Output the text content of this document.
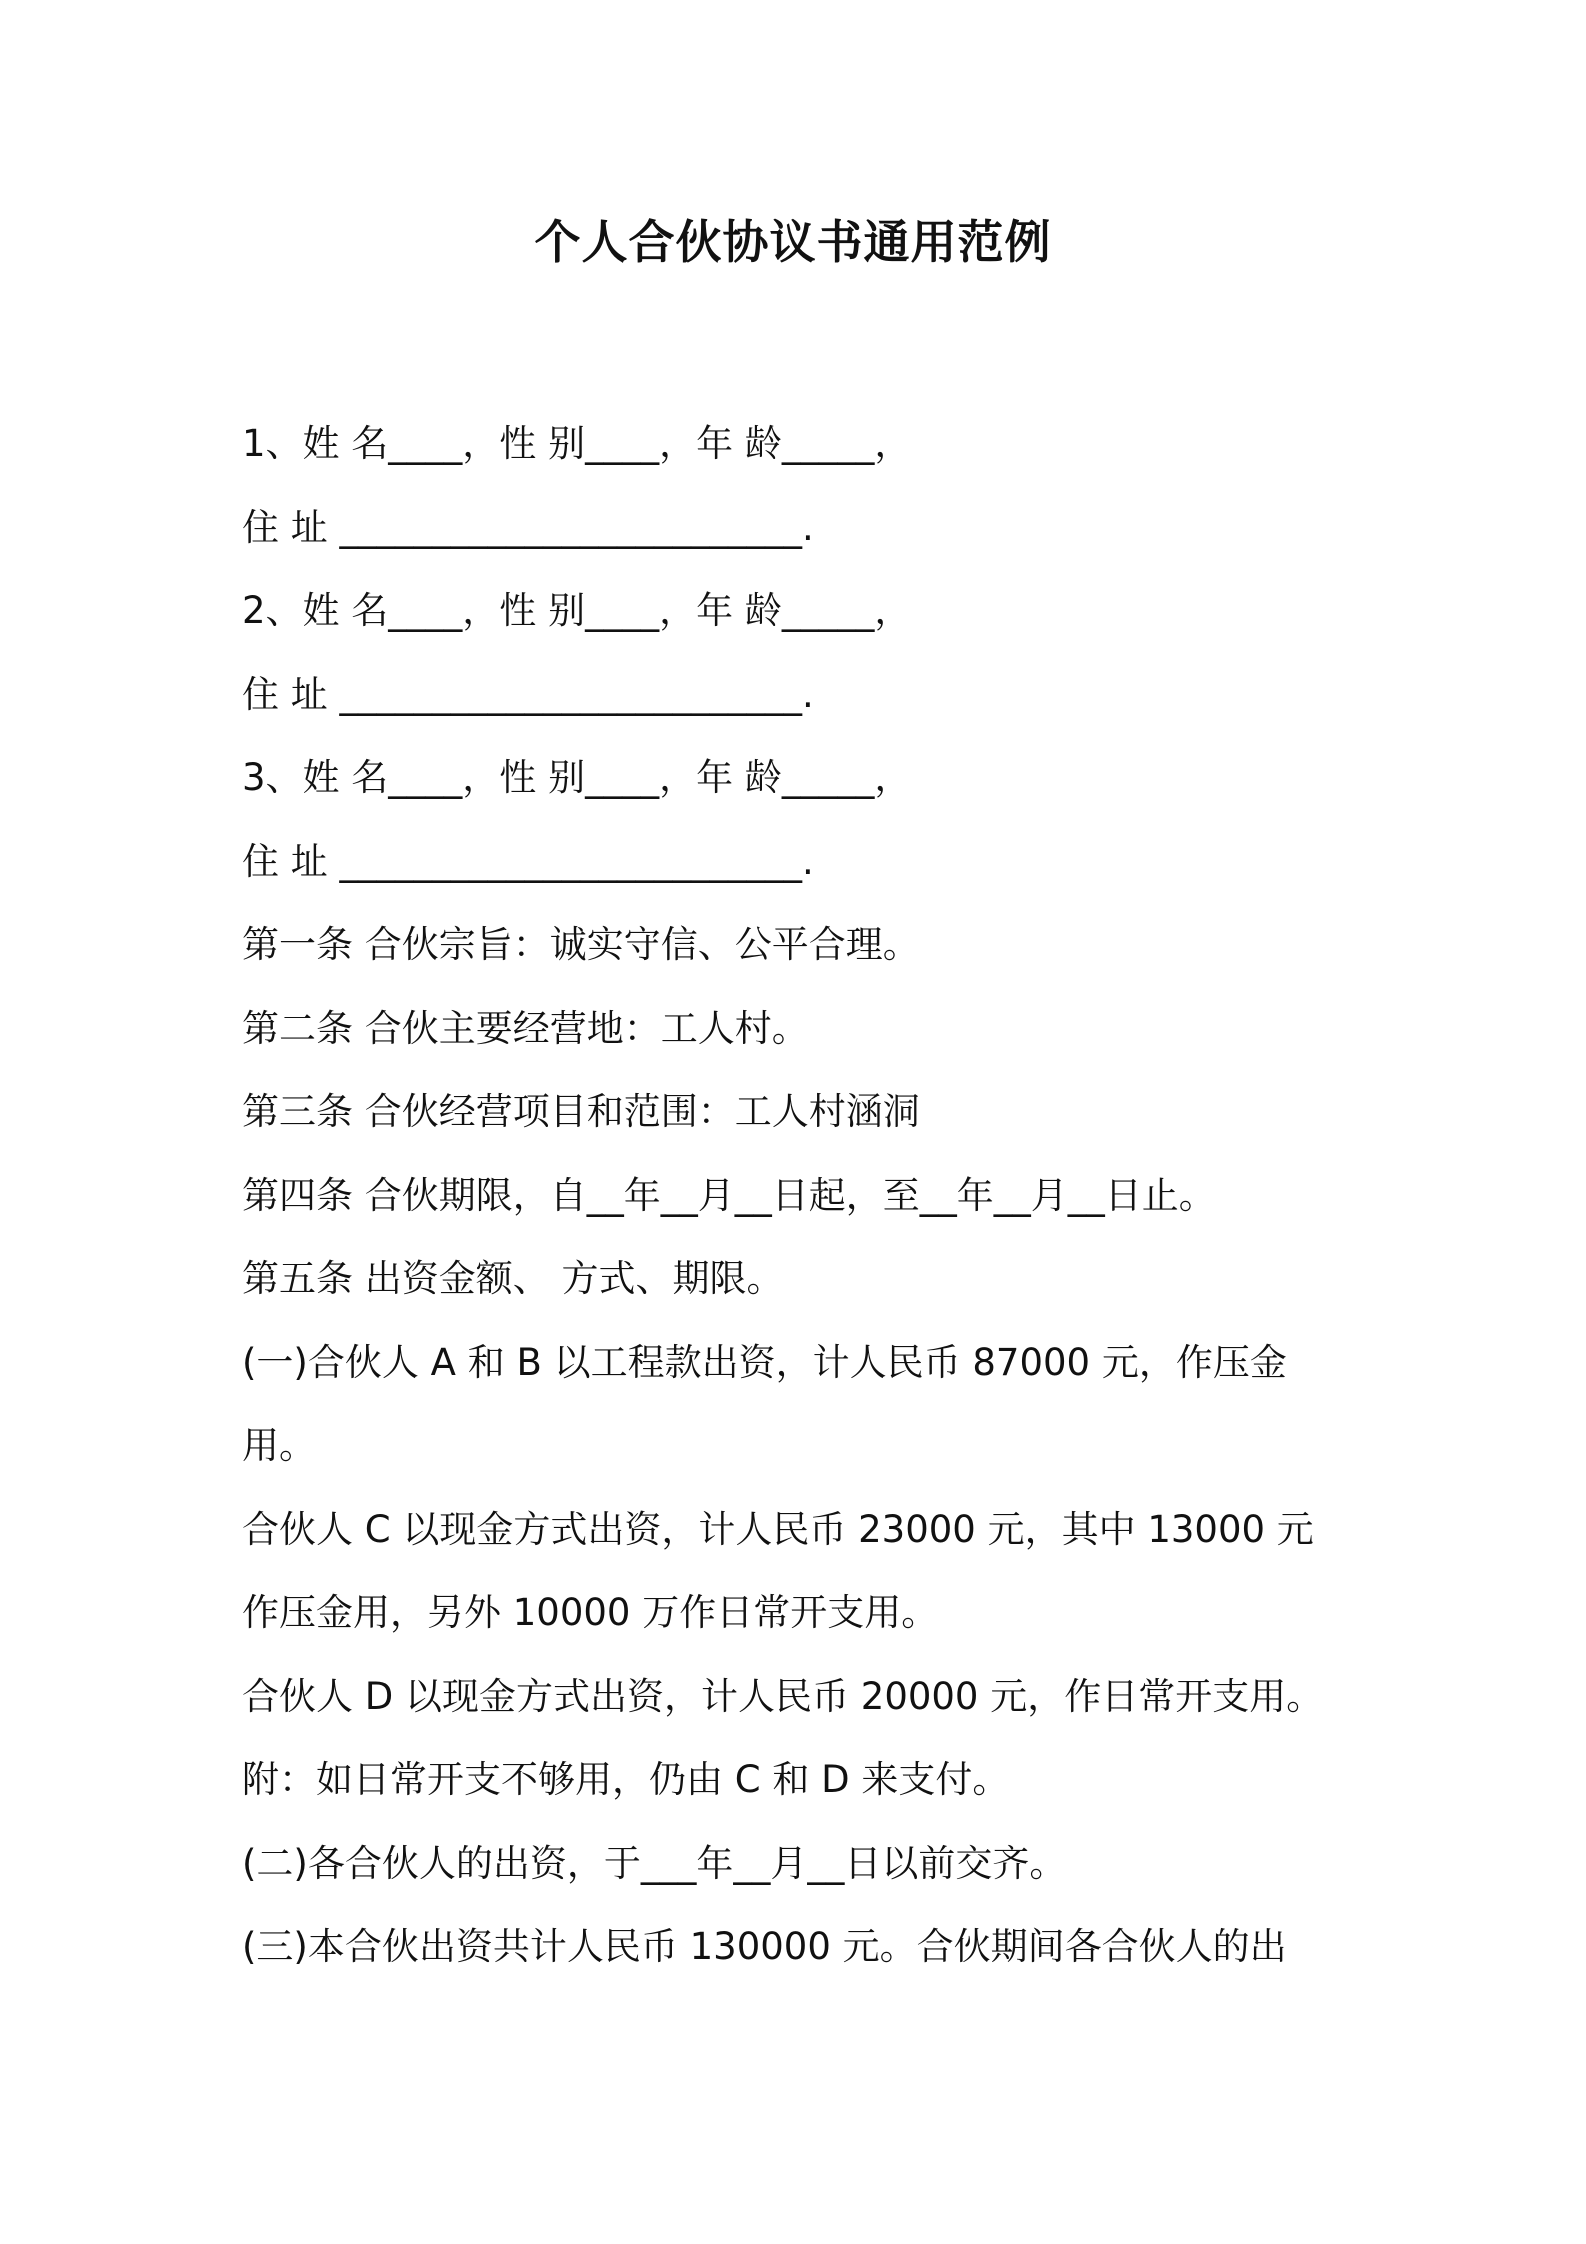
个人合伙协议书通用范例

1、姓 名____，性 别____，年 龄_____，

住 址 _________________________.

2、姓 名____，性 别____，年 龄_____，

住 址 _________________________.

3、姓 名____，性 别____，年 龄_____，

住 址 _________________________.

第一条 合伙宗旨：诚实守信、公平合理。

第二条 合伙主要经营地：工人村。

第三条 合伙经营项目和范围：工人村涵洞

第四条 合伙期限，自__年__月__日起，至__年__月__日止。

第五条 出资金额、 方式、期限。

(一)合伙人 A 和 B 以工程款出资，计人民币 87000 元，作压金

用。

合伙人 C 以现金方式出资，计人民币 23000 元，其中 13000 元

作压金用，另外 10000 万作日常开支用。

合伙人 D 以现金方式出资，计人民币 20000 元，作日常开支用。

附：如日常开支不够用，仍由 C 和 D 来支付。

(二)各合伙人的出资，于___年__月__日以前交齐。

(三)本合伙出资共计人民币 130000 元。合伙期间各合伙人的出
